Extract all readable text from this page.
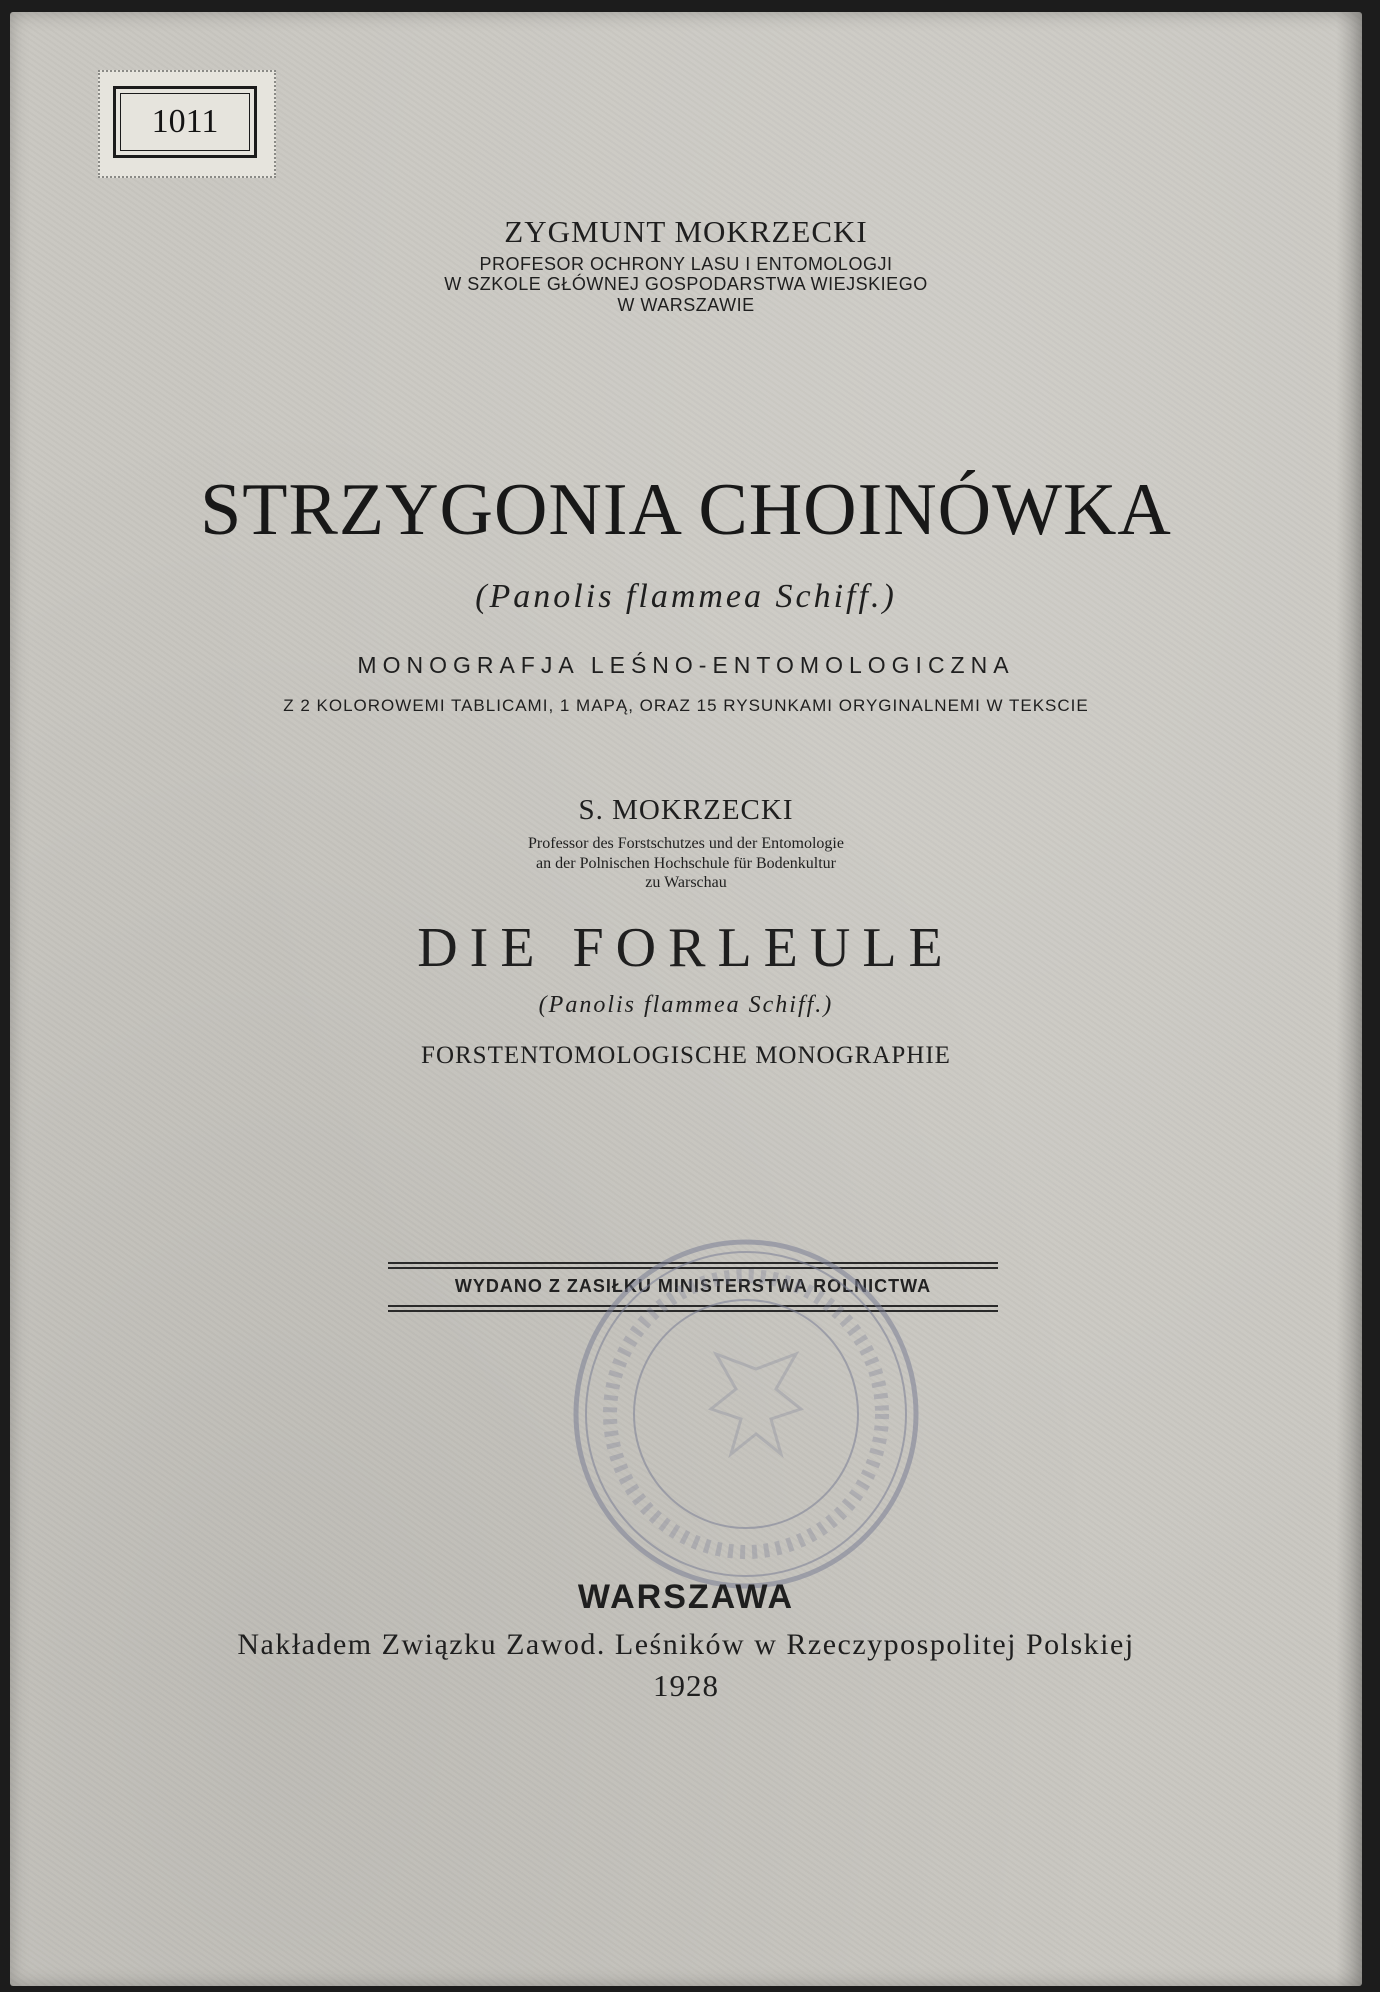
1011
ZYGMUNT MOKRZECKI
PROFESOR OCHRONY LASU I ENTOMOLOGJI
W SZKOLE GŁÓWNEJ GOSPODARSTWA WIEJSKIEGO
W WARSZAWIE
STRZYGONIA CHOINÓWKA
(Panolis flammea Schiff.)
MONOGRAFJA LEŚNO-ENTOMOLOGICZNA
Z 2 KOLOROWEMI TABLICAMI, 1 MAPĄ, ORAZ 15 RYSUNKAMI ORYGINALNEMI W TEKSCIE
S. MOKRZECKI
Professor des Forstschutzes und der Entomologie
an der Polnischen Hochschule für Bodenkultur
zu Warschau
DIE FORLEULE
(Panolis flammea Schiff.)
FORSTENTOMOLOGISCHE MONOGRAPHIE
WYDANO Z ZASIŁKU MINISTERSTWA ROLNICTWA
WARSZAWA
Nakładem Związku Zawod. Leśników w Rzeczypospolitej Polskiej
1928
